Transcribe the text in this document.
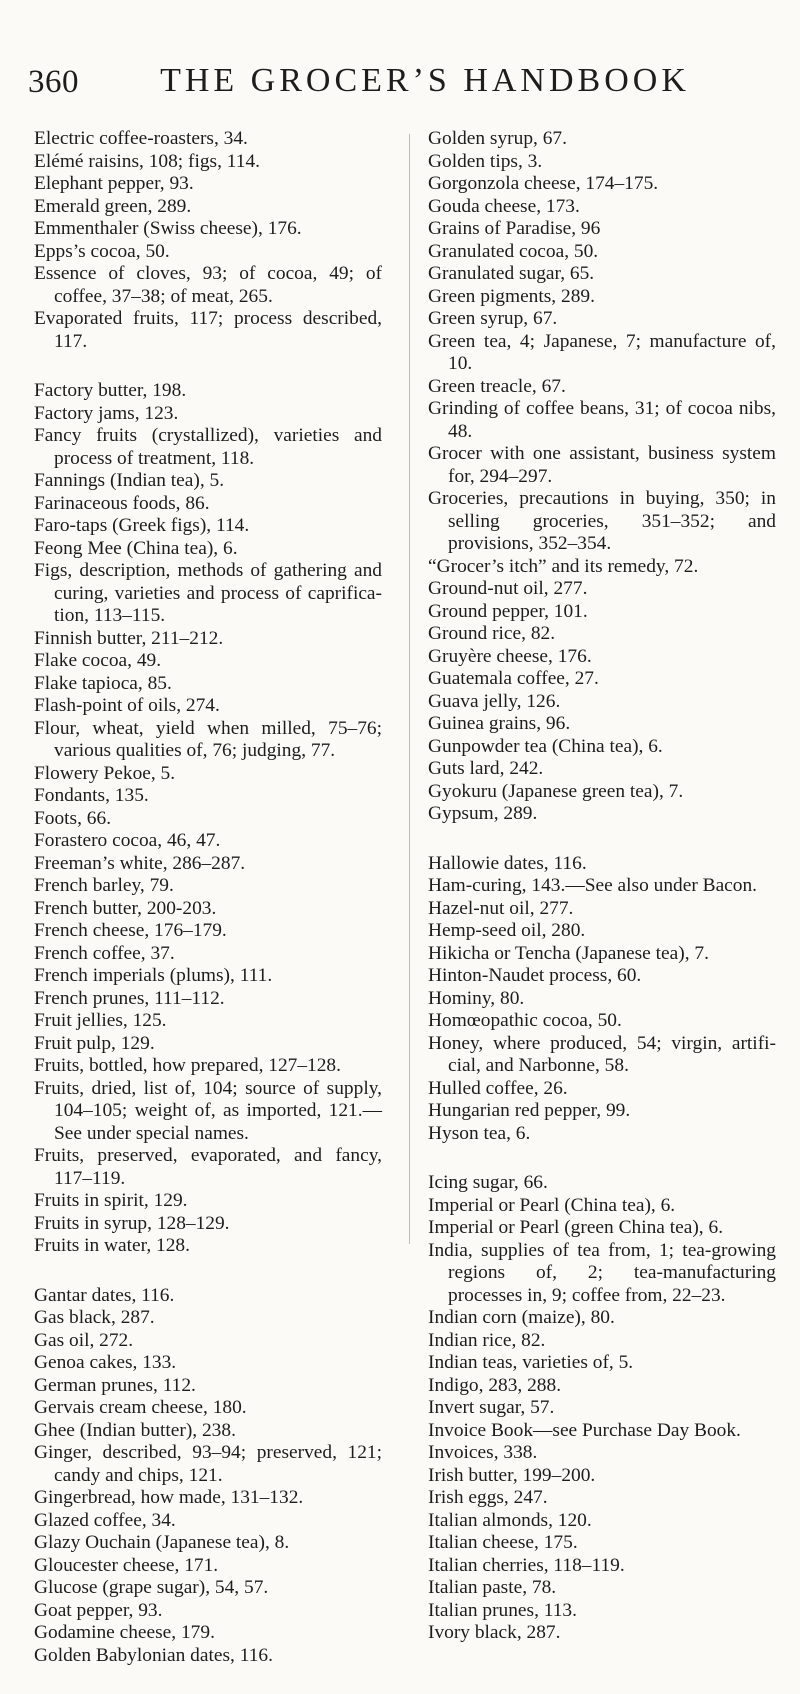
360	THE GROCER’S HANDBOOK
Electric coffee-roasters, 34.
Elémé raisins, 108; figs, 114.
Elephant pepper, 93.
Emerald green, 289.
Emmenthaler (Swiss cheese), 176.
Epps’s cocoa, 50.
Essence of cloves, 93; of cocoa, 49; of coffee, 37–38; of meat, 265.
Evaporated fruits, 117; process described, 117.
Factory butter, 198.
Factory jams, 123.
Fancy fruits (crystallized), varieties and process of treatment, 118.
Fannings (Indian tea), 5.
Farinaceous foods, 86.
Faro-taps (Greek figs), 114.
Feong Mee (China tea), 6.
Figs, description, methods of gathering and curing, varieties and process of caprifica-tion, 113–115.
Finnish butter, 211–212.
Flake cocoa, 49.
Flake tapioca, 85.
Flash-point of oils, 274.
Flour, wheat, yield when milled, 75–76; various qualities of, 76; judging, 77.
Flowery Pekoe, 5.
Fondants, 135.
Foots, 66.
Forastero cocoa, 46, 47.
Freeman’s white, 286–287.
French barley, 79.
French butter, 200-203.
French cheese, 176–179.
French coffee, 37.
French imperials (plums), 111.
French prunes, 111–112.
Fruit jellies, 125.
Fruit pulp, 129.
Fruits, bottled, how prepared, 127–128.
Fruits, dried, list of, 104; source of supply, 104–105; weight of, as imported, 121.—See under special names.
Fruits, preserved, evaporated, and fancy, 117–119.
Fruits in spirit, 129.
Fruits in syrup, 128–129.
Fruits in water, 128.
Gantar dates, 116.
Gas black, 287.
Gas oil, 272.
Genoa cakes, 133.
German prunes, 112.
Gervais cream cheese, 180.
Ghee (Indian butter), 238.
Ginger, described, 93–94; preserved, 121; candy and chips, 121.
Gingerbread, how made, 131–132.
Glazed coffee, 34.
Glazy Ouchain (Japanese tea), 8.
Gloucester cheese, 171.
Glucose (grape sugar), 54, 57.
Goat pepper, 93.
Godamine cheese, 179.
Golden Babylonian dates, 116.
Golden syrup, 67.
Golden tips, 3.
Gorgonzola cheese, 174–175.
Gouda cheese, 173.
Grains of Paradise, 96
Granulated cocoa, 50.
Granulated sugar, 65.
Green pigments, 289.
Green syrup, 67.
Green tea, 4; Japanese, 7; manufacture of, 10.
Green treacle, 67.
Grinding of coffee beans, 31; of cocoa nibs, 48.
Grocer with one assistant, business system for, 294–297.
Groceries, precautions in buying, 350; in selling groceries, 351–352; and provisions, 352–354.
“Grocer’s itch” and its remedy, 72.
Ground-nut oil, 277.
Ground pepper, 101.
Ground rice, 82.
Gruyère cheese, 176.
Guatemala coffee, 27.
Guava jelly, 126.
Guinea grains, 96.
Gunpowder tea (China tea), 6.
Guts lard, 242.
Gyokuru (Japanese green tea), 7.
Gypsum, 289.
Hallowie dates, 116.
Ham-curing, 143.—See also under Bacon.
Hazel-nut oil, 277.
Hemp-seed oil, 280.
Hikicha or Tencha (Japanese tea), 7.
Hinton-Naudet process, 60.
Hominy, 80.
Homœopathic cocoa, 50.
Honey, where produced, 54; virgin, artifi-cial, and Narbonne, 58.
Hulled coffee, 26.
Hungarian red pepper, 99.
Hyson tea, 6.
Icing sugar, 66.
Imperial or Pearl (China tea), 6.
Imperial or Pearl (green China tea), 6.
India, supplies of tea from, 1; tea-growing regions of, 2; tea-manufacturing processes in, 9; coffee from, 22–23.
Indian corn (maize), 80.
Indian rice, 82.
Indian teas, varieties of, 5.
Indigo, 283, 288.
Invert sugar, 57.
Invoice Book—see Purchase Day Book.
Invoices, 338.
Irish butter, 199–200.
Irish eggs, 247.
Italian almonds, 120.
Italian cheese, 175.
Italian cherries, 118–119.
Italian paste, 78.
Italian prunes, 113.
Ivory black, 287.
